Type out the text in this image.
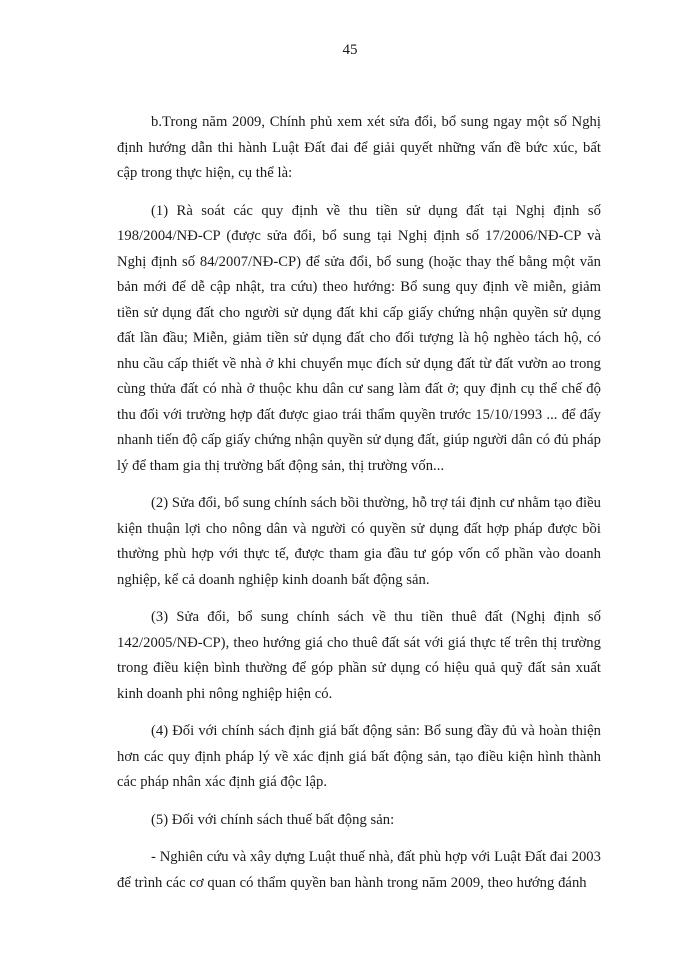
45

b.Trong năm 2009, Chính phủ xem xét sửa đổi, bổ sung ngay một số Nghị định hướng dẫn thi hành Luật Đất đai để giải quyết những vấn đề bức xúc, bất cập trong thực hiện, cụ thể là:

(1) Rà soát các quy định về thu tiền sử dụng đất tại Nghị định số 198/2004/NĐ-CP (được sửa đổi, bổ sung tại Nghị định số 17/2006/NĐ-CP và Nghị định số 84/2007/NĐ-CP) để sửa đổi, bổ sung (hoặc thay thế bằng một văn bản mới để dễ cập nhật, tra cứu) theo hướng: Bổ sung quy định về miễn, giảm tiền sử dụng đất cho người sử dụng đất khi cấp giấy chứng nhận quyền sử dụng đất lần đầu; Miễn, giảm tiền sử dụng đất cho đối tượng là hộ nghèo tách hộ, có nhu cầu cấp thiết về nhà ở khi chuyển mục đích sử dụng đất từ đất vườn ao trong cùng thửa đất có nhà ở thuộc khu dân cư sang làm đất ở; quy định cụ thể chế độ thu đối với trường hợp đất được giao trái thẩm quyền trước 15/10/1993 ... để đẩy nhanh tiến độ cấp giấy chứng nhận quyền sử dụng đất, giúp người dân có đủ pháp lý để tham gia thị trường bất động sản, thị trường vốn...

(2) Sửa đổi, bổ sung chính sách bồi thường, hỗ trợ tái định cư nhằm tạo điều kiện thuận lợi cho nông dân và người có quyền sử dụng đất hợp pháp được bồi thường phù hợp với thực tế, được tham gia đầu tư góp vốn cổ phần vào doanh nghiệp, kể cả doanh nghiệp kinh doanh bất động sản.

(3) Sửa đổi, bổ sung chính sách về thu tiền thuê đất (Nghị định số 142/2005/NĐ-CP), theo hướng giá cho thuê đất sát với giá thực tế trên thị trường trong điều kiện bình thường để góp phần sử dụng có hiệu quả quỹ đất sản xuất kinh doanh phi nông nghiệp hiện có.

(4) Đối với chính sách định giá bất động sản: Bổ sung đầy đủ và hoàn thiện hơn các quy định pháp lý về xác định giá bất động sản, tạo điều kiện hình thành các pháp nhân xác định giá độc lập.

(5) Đối với chính sách thuế bất động sản:

- Nghiên cứu và xây dựng Luật thuế nhà, đất phù hợp với Luật Đất đai 2003 để trình các cơ quan có thẩm quyền ban hành trong năm 2009, theo hướng đánh
